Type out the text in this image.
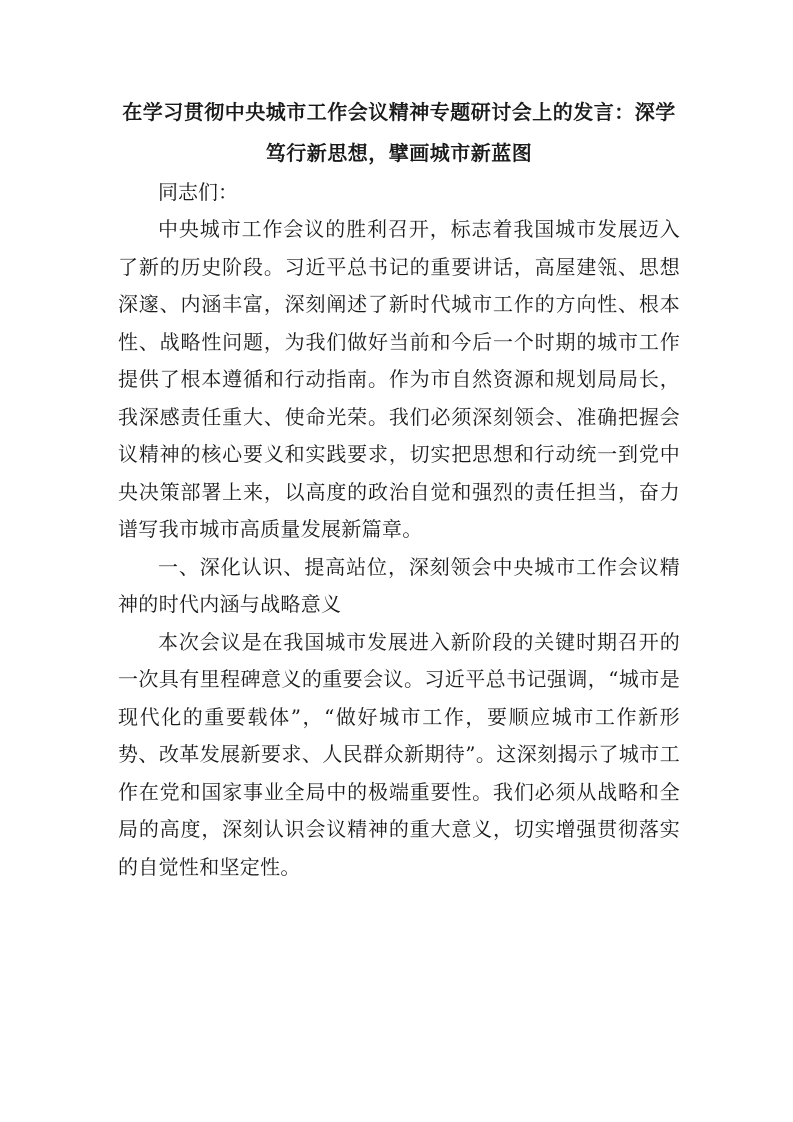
在学习贯彻中央城市工作会议精神专题研讨会上的发言：深学笃行新思想，擘画城市新蓝图

同志们：

中央城市工作会议的胜利召开，标志着我国城市发展迈入了新的历史阶段。习近平总书记的重要讲话，高屋建瓴、思想深邃、内涵丰富，深刻阐述了新时代城市工作的方向性、根本性、战略性问题，为我们做好当前和今后一个时期的城市工作提供了根本遵循和行动指南。作为市自然资源和规划局局长，我深感责任重大、使命光荣。我们必须深刻领会、准确把握会议精神的核心要义和实践要求，切实把思想和行动统一到党中央决策部署上来，以高度的政治自觉和强烈的责任担当，奋力谱写我市城市高质量发展新篇章。

一、深化认识、提高站位，深刻领会中央城市工作会议精神的时代内涵与战略意义

本次会议是在我国城市发展进入新阶段的关键时期召开的一次具有里程碑意义的重要会议。习近平总书记强调，“城市是现代化的重要载体”，“做好城市工作，要顺应城市工作新形势、改革发展新要求、人民群众新期待”。这深刻揭示了城市工作在党和国家事业全局中的极端重要性。我们必须从战略和全局的高度，深刻认识会议精神的重大意义，切实增强贯彻落实的自觉性和坚定性。
